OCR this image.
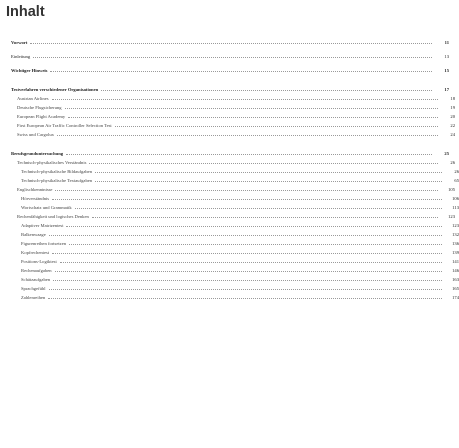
Inhalt
Vorwort	11
Einleitung	13
Wichtiger Hinweis	15
Testverfahren verschiedener Organisationen	17
Austrian Airlines	18
Deutsche Flugsicherung	19
European Flight Academy	20
First European Air Traffic Controller Selection Test	22
Swiss und Cargolux	24
Berufsgrunduntersuchung	25
Technisch-physikalisches Verständnis	26
Technisch-physikalische Bildaufgaben	26
Technisch-physikalische Textaufgaben	65
Englischkenntnisse	105
Hörverständnis	106
Wortschatz und Grammatik	113
Rechenfähigkeit und logisches Denken	123
Adaptiver Matrizentest	123
Balkenwaage	132
Figurenreihen fortsetzen	136
Kopfrechentest	139
Positions-Logiktest	141
Rechenaufgaben	146
Schätzaufgaben	163
Sprachgefühl	165
Zahlenreihen	174
